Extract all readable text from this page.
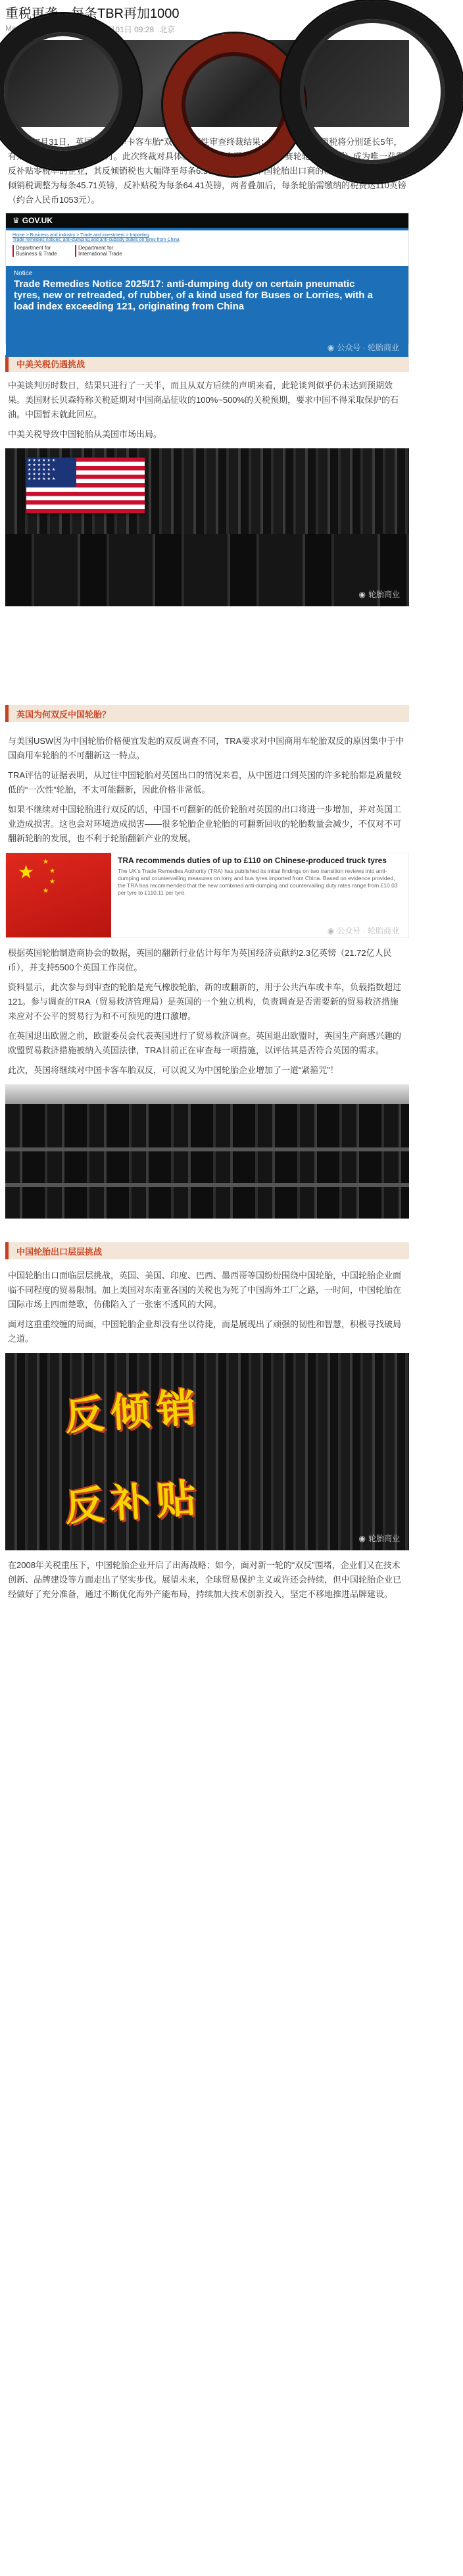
重税再袭，每条TBR再加1000
Maggie 轮胎商业 2025年08月01日 09:28 北京

2025年7月31日，英国发布对华卡客车胎“双反”过渡性审查终裁结果：反补贴和反倾销税将分别延长5年，有效期至2028年10月和11月。此次终裁对具体税率作出重大调整，其中，赛轮轮胎（中国）成为唯一获得反补贴零税率的企业，其反倾销税也大幅降至每条6.55英镑，其余中国轮胎出口商的税率则显著提高：反倾销税调整为每条45.71英镑，反补贴税为每条64.41英镑，两者叠加后，每条轮胎需缴纳的税费达110英镑（约合人民币1053元）。

♛ GOV.UK
Home > Business and industry > Trade and investment > Importing
Trade remedies notices: anti-dumping and anti-subsidy duties on tyres from China
Department for Business & Trade
Department for International Trade
Notice
Trade Remedies Notice 2025/17: anti-dumping duty on certain pneumatic tyres, new or retreaded, of rubber, of a kind used for Buses or Lorries, with a load index exceeding 121, originating from China
◉ 公众号 · 轮胎商业
中美关税仍遇挑战

中美谈判历时数日，结果只进行了一天半，而且从双方后续的声明来看，此轮谈判似乎仍未达到预期效果。美国财长贝森特称关税延期对中国商品征收的100%~500%的关税预期，要求中国不得采取保护的石油。中国暂未就此回应。

中美关税导致中国轮胎从美国市场出局。

★★★★★★ ★★★★★ ★★★★★★ ★★★★★ ★★★★★★
◉ 轮胎商业
英国为何双反中国轮胎？

与美国USW因为中国轮胎价格便宜发起的双反调查不同，TRA要求对中国商用车轮胎双反的原因集中于中国商用车轮胎的不可翻新这一特点。

TRA评估的证据表明，从过往中国轮胎对英国出口的情况来看，从中国进口到英国的许多轮胎都是质量较低的“一次性”轮胎，不太可能翻新，因此价格非常低。

如果不继续对中国轮胎进行双反的话，中国不可翻新的低价轮胎对英国的出口将进一步增加，并对英国工业造成损害。这也会对环境造成损害——很多轮胎企业轮胎的可翻新回收的轮胎数量会减少，不仅对不可翻新轮胎的发展，也不利于轮胎翻新产业的发展。

★ ★
★
★
★
TRA recommends duties of up to £110 on Chinese-produced truck tyres
The UK's Trade Remedies Authority (TRA) has published its initial findings on two transition reviews into anti-dumping and countervailing measures on lorry and bus tyres imported from China. Based on evidence provided, the TRA has recommended that the new combined anti-dumping and countervailing duty rates range from £10.03 per tyre to £110.11 per tyre.
◉ 公众号 · 轮胎商业

根据英国轮胎制造商协会的数据，英国的翻新行业估计每年为英国经济贡献约2.3亿英镑（21.72亿人民币），并支持5500个英国工作岗位。

资料显示，此次参与到审查的轮胎是充气橡胶轮胎，新的或翻新的，用于公共汽车或卡车，负载指数超过121。参与调查的TRA（贸易救济管理局）是英国的一个独立机构，负责调查是否需要新的贸易救济措施来应对不公平的贸易行为和不可预见的进口激增。

在英国退出欧盟之前，欧盟委员会代表英国进行了贸易救济调查。英国退出欧盟时，英国生产商感兴趣的欧盟贸易救济措施被纳入英国法律，TRA目前正在审查每一项措施，以评估其是否符合英国的需求。

此次，英国将继续对中国卡客车胎双反，可以说又为中国轮胎企业增加了一道“紧箍咒”！

中国轮胎出口层层挑战

中国轮胎出口面临层层挑战，英国、美国、印度、巴西、墨西哥等国纷纷围绕中国轮胎，中国轮胎企业面临不同程度的贸易限制。加上美国对东南亚各国的关税也为死了中国海外工厂之路，一时间，中国轮胎在国际市场上四面楚歌，仿佛陷入了一张密不透风的大网。

面对这重重绞缠的局面，中国轮胎企业却没有坐以待毙，而是展现出了顽强的韧性和智慧，积极寻找破局之道。

反倾销
反补贴
◉ 轮胎商业

在2008年关税重压下，中国轮胎企业开启了出海战略；如今，面对新一轮的“双反”围堵，企业们又在技术创新、品牌建设等方面走出了坚实步伐。展望未来，全球贸易保护主义或许还会持续，但中国轮胎企业已经做好了充分准备，通过不断优化海外产能布局，持续加大技术创新投入，坚定不移地推进品牌建设。
